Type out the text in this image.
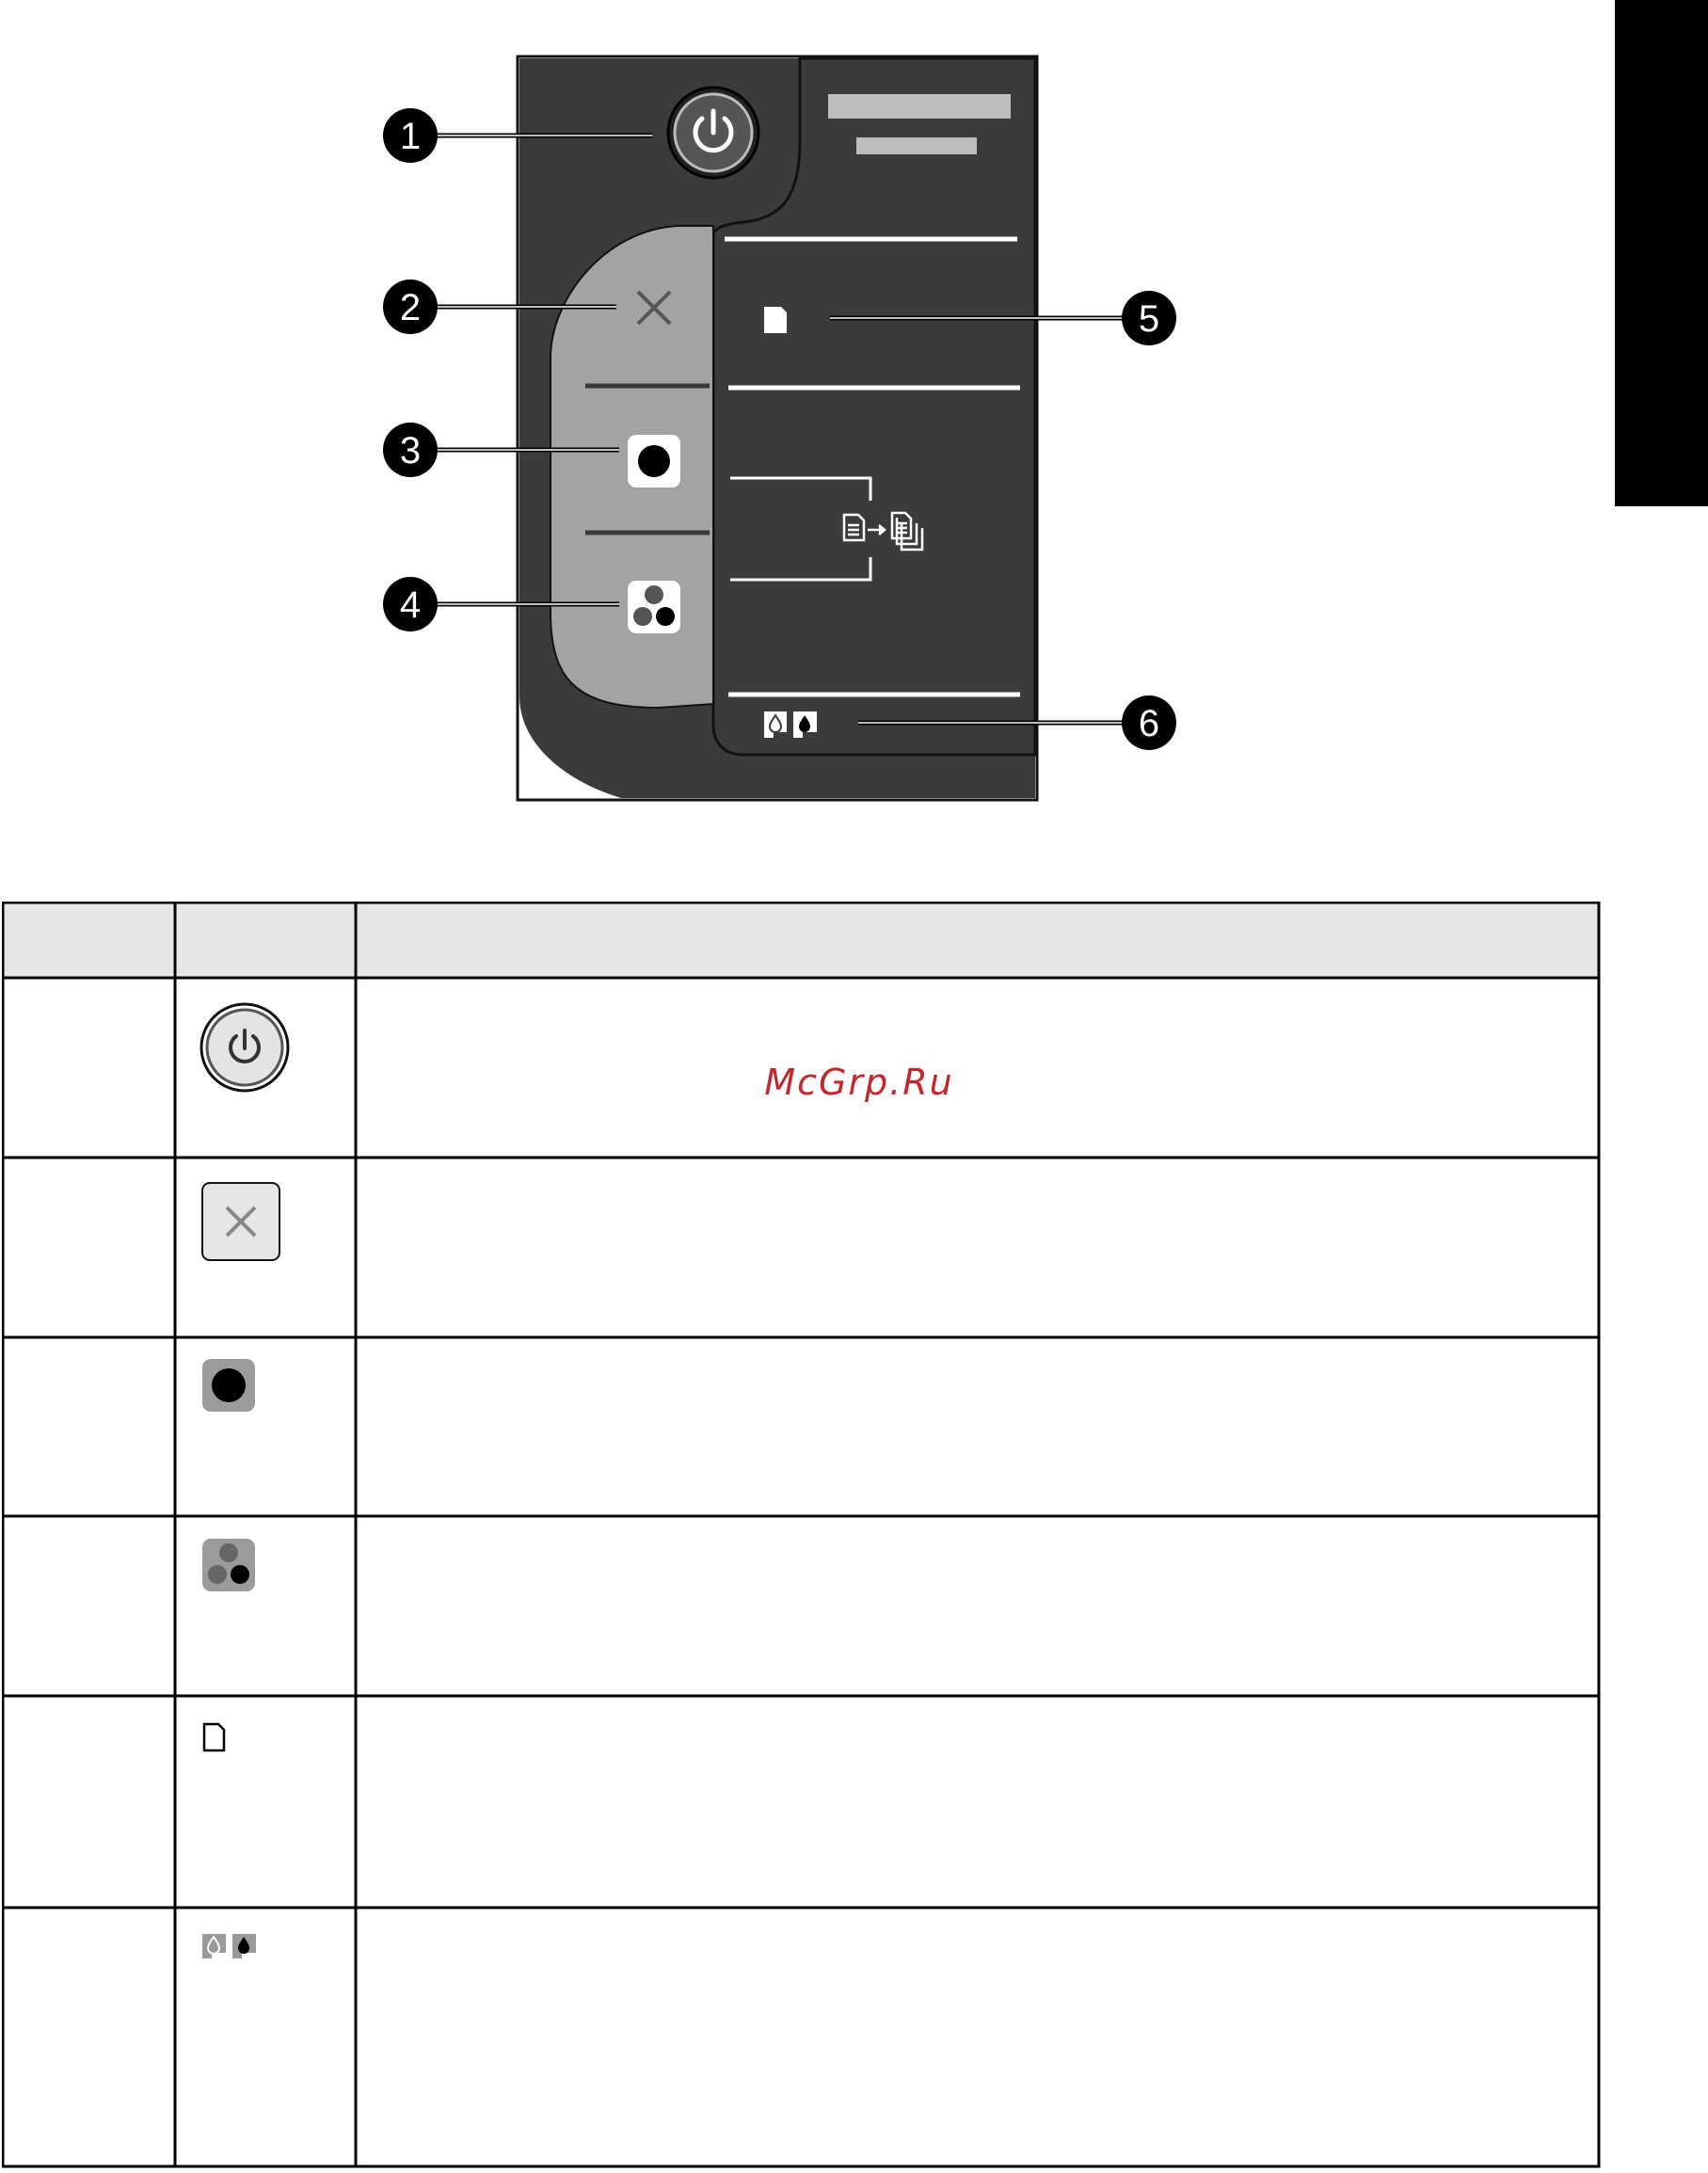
1
2
3
4
5
6
McGrp.Ru
